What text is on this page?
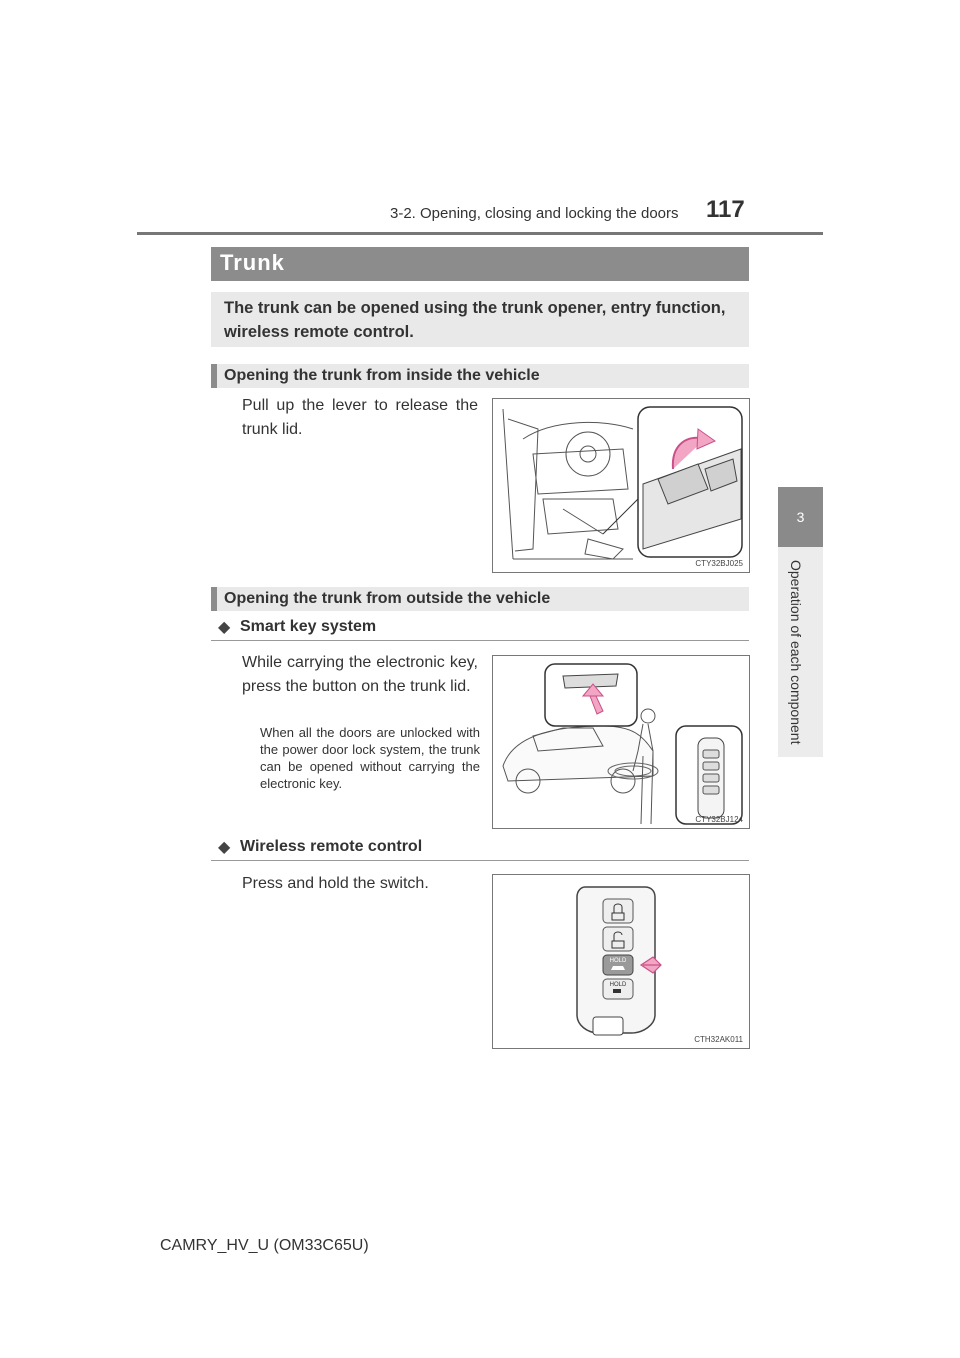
3-2. Opening, closing and locking the doors 117
3
Operation of each component
Trunk
The trunk can be opened using the trunk opener, entry function, wireless remote control.
Opening the trunk from inside the vehicle
Pull up the lever to release the trunk lid.
CTY32BJ025
Opening the trunk from outside the vehicle
◆ Smart key system
While carrying the electronic key, press the button on the trunk lid.
When all the doors are unlocked with the power door lock system, the trunk can be opened without carrying the electronic key.
CTY32BJ124
◆ Wireless remote control
Press and hold the switch.
HOLD
HOLD
CTH32AK011
CAMRY_HV_U (OM33C65U)
